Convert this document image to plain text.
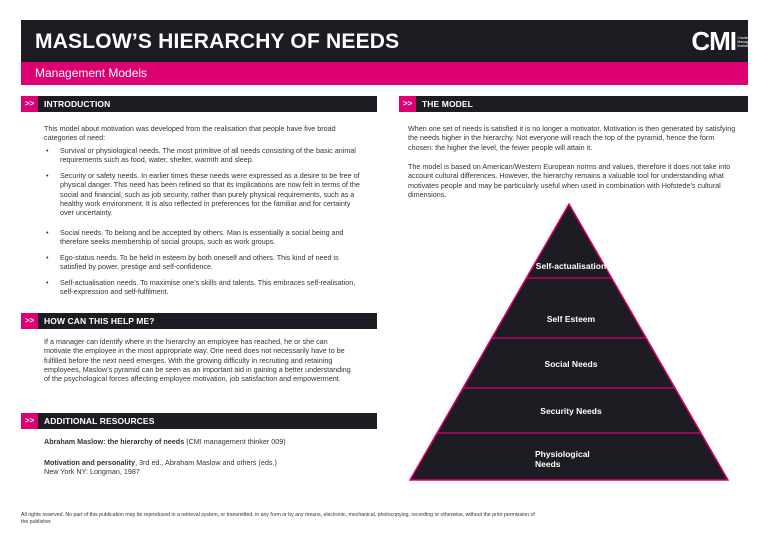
MASLOW’S HIERARCHY OF NEEDS	CMI Chartered Management Institute
Management Models
>>	INTRODUCTION
This model about motivation was developed from the realisation that people have five broad categories of need:
• Survival or physiological needs. The most primitive of all needs consisting of the basic animal requirements such as food, water, shelter, warmth and sleep.
• Security or safety needs. In earlier times these needs were expressed as a desire to be free of physical danger. This need has been refined so that its implications are now felt in terms of the social and financial, such as job security, rather than purely physical requirements, such as a healthy work environment. It is also reflected in preferences for the familiar and for certainty over uncertainty.
• Social needs. To belong and be accepted by others. Man is essentially a social being and therefore seeks membership of social groups, such as work groups.
• Ego-status needs. To be held in esteem by both oneself and others. This kind of need is satisfied by power, prestige and self-confidence.
• Self-actualisation needs. To maximise one’s skills and talents. This embraces self-realisation, self-expression and self-fulfilment.
>>	HOW CAN THIS HELP ME?
If a manager can identify where in the hierarchy an employee has reached, he or she can motivate the employee in the most appropriate way. One need does not necessarily have to be fulfilled before the next need emerges. With the growing difficulty in recruiting and retaining employees, Maslow’s pyramid can be seen as an important aid in gaining a better understanding of the psychological forces affecting employee motivation, job satisfaction and empowerment.
>>	ADDITIONAL RESOURCES
Abraham Maslow: the hierarchy of needs (CMI management thinker 009)
Motivation and personality, 3rd ed., Abraham Maslow and others (eds.)
New York NY: Longman, 1987
>>	THE MODEL
When one set of needs is satisfied it is no longer a motivator. Motivation is then generated by satisfying the needs higher in the hierarchy. Not everyone will reach the top of the pyramid, hence the form chosen: the higher the level, the fewer people will attain it.
The model is based on American/Western European norms and values, therefore it does not take into account cultural differences. However, the hierarchy remains a valuable tool for understanding what motivates people and may be particularly useful when used in combination with Hofstede’s cultural dimensions.
Self-actualisation
Self Esteem
Social Needs
Security Needs
Physiological
Needs
All rights reserved. No part of this publication may be reproduced in a retrieval system, or transmitted, in any form or by any means, electronic, mechanical, photocopying, recording or otherwise, without the prior permission of the publisher.
